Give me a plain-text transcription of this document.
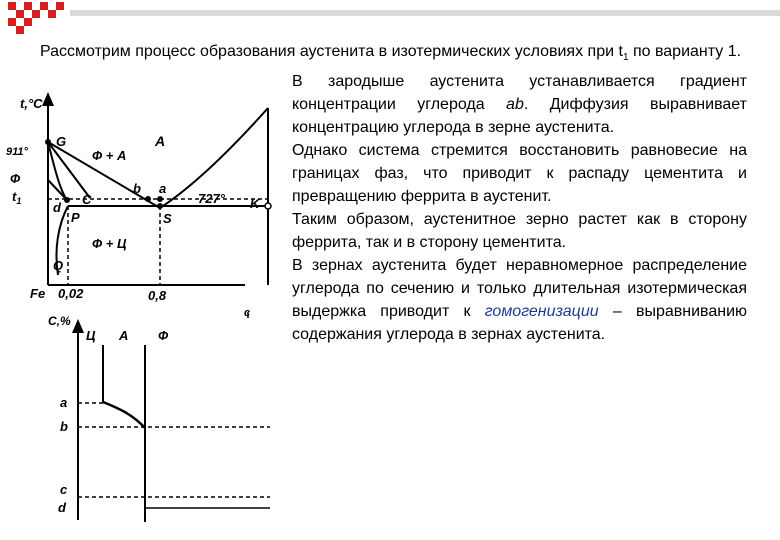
Рассмотрим процесс образования аустенита в изотермических условиях при $t_1$ по варианту 1.

В зародыше аустенита устанавливается градиент концентрации углерода ab. Диффузия выравнивает концентрацию углерода в зерне аустенита.

Однако система стремится восстановить равновесие на границах фаз, что приводит к распаду цементита и превращению феррита в аустенит.

Таким образом, аустенитное зерно растет как в сторону феррита, так и в сторону цементита.

В зернах аустенита будет неравномерное распределение углерода по сечению и только длительная изотермическая выдержка приводит к гомогенизации – выравниванию содержания углерода в зернах аустенита.

t,°C
911°
G
Ф + А
A
Ф
$t_1$	C
b a
727° K
d
P	S
Ф + Ц
Q
Fe 0,02	0,8
c
C,%
Ц А Ф
a
b
c
d
